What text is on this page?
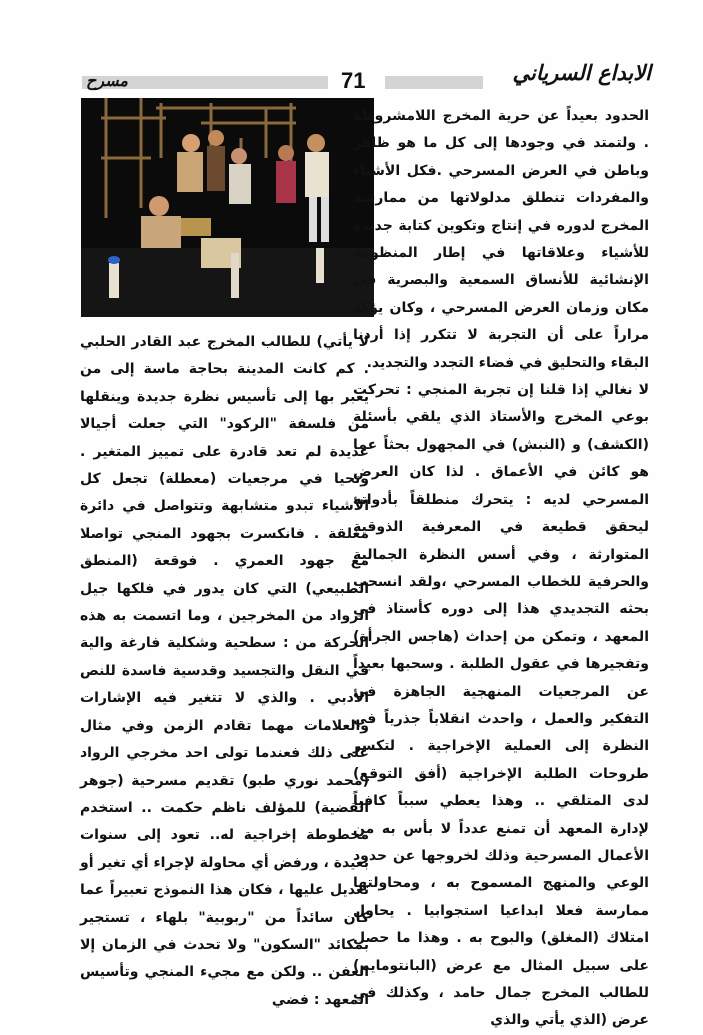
مسرح	71	الابداع السرياني

الحدود بعيداً عن حرية المخرج اللامشروطة . ولتمتد في وجودها إلى كل ما هو ظاهر وباطن في العرض المسرحي .فكل الأشياء والمفردات تنطلق مدلولاتها من ممارسة المخرج لدوره في إنتاج وتكوين كتابة جديدة للأشياء وعلاقاتها في إطار المنظومة الإنشائية للأنساق السمعية والبصرية في مكان وزمان العرض المسرحي ، وكان يؤكد مراراً على أن التجربة لا تتكرر إذا أردنا البقاء والتحليق في فضاء التجدد والتجديد.

لا نغالي إذا قلنا إن تجربة المنجي : تحركت بوعي المخرج والأستاذ الذي يلقي بأسئلة (الكشف) و (النبش) في المجهول بحثاً عما هو كائن في الأعماق . لذا كان العرض المسرحي لديه : يتحرك منطلقاً بأدواته ليحقق قطيعة في المعرفية الذوقية المتوارثة ، وفي أسس النظرة الجمالية والحرفية للخطاب المسرحي ،ولقد انسحب بحثه التجديدي هذا إلى دوره كأستاذ في المعهد ، وتمكن من إحداث (هاجس الجرأة) وتفجيرها في عقول الطلبة . وسحبها بعيداً عن المرجعيات المنهجية الجاهزة في التفكير والعمل ، واحدث انقلاباً جذرياً في النظرة إلى العملية الإخراجية . لتكسر طروحات الطلبة الإخراجية (أفق التوقع) لدى المتلقي .. وهذا يعطي سبباً كافياً لإدارة المعهد أن تمنع عدداً لا بأس به من الأعمال المسرحية وذلك لخروجها عن حدود الوعي والمنهج المسموح به ، ومحاولتها ممارسة فعلا ابداعيا استجوابيا . يحاول امتلاك (المغلق) والبوح به . وهذا ما حصل على سبيل المثال مع عرض (البانتومايم) للطالب المخرج جمال حامد ، وكذلك في عرض (الذي يأتي والذي

لا يأتي) للطالب المخرج عبد القادر الحلبي . كم كانت المدينة بحاجة ماسة إلى من يعبر بها إلى تأسيس نظرة جديدة وينقلها من فلسفة "الركود" التي جعلت أجيالا عديدة لم تعد قادرة على تمييز المتغير . وتحيا في مرجعيات (معطلة) تجعل كل الأشياء تبدو متشابهة وتتواصل في دائرة مغلقة . فانكسرت بجهود المنجي تواصلا مع جهود العمري . فوقعة (المنطق الطبيعي) التي كان يدور في فلكها جيل الرواد من المخرجين ، وما اتسمت به هذه الحركة من : سطحية وشكلية فارغة والية في النقل والتجسيد وقدسية فاسدة للنص الأدبي . والذي لا تتغير فيه الإشارات والعلامات مهما تقادم الزمن وفي مثال على ذلك فعندما تولى احد مخرجي الرواد (محمد نوري طبو) تقديم مسرحية (جوهر القضية) للمؤلف ناظم حكمت .. استخدم مخطوطة إخراجية له.. تعود إلى سنوات بعيدة ، ورفض أي محاولة لإجراء أي تغير أو تعديل عليها ، فكان هذا النموذج تعبيراً عما كان سائداً من "ربوبية" بلهاء ، تستجير بمكائد "السكون" ولا تحدث في الزمان إلا العفن .. ولكن مع مجيء المنجي وتأسيس المعهد : فضي
